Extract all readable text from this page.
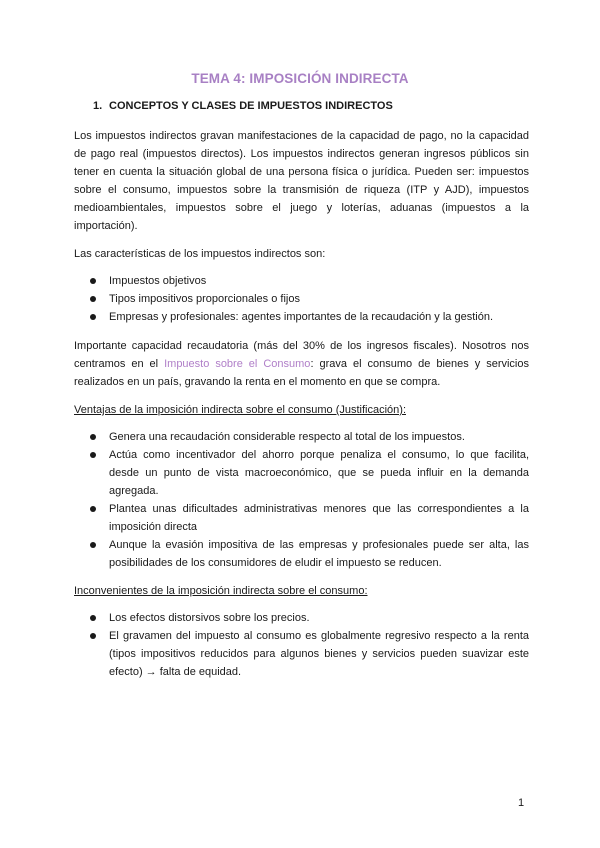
TEMA 4: IMPOSICIÓN INDIRECTA
1. CONCEPTOS Y CLASES DE IMPUESTOS INDIRECTOS

Los impuestos indirectos gravan manifestaciones de la capacidad de pago, no la capacidad de pago real (impuestos directos). Los impuestos indirectos generan ingresos públicos sin tener en cuenta la situación global de una persona física o jurídica. Pueden ser: impuestos sobre el consumo, impuestos sobre la transmisión de riqueza (ITP y AJD), impuestos medioambientales, impuestos sobre el juego y loterías, aduanas (impuestos a la importación).

Las características de los impuestos indirectos son:

Impuestos objetivos
Tipos impositivos proporcionales o fijos
Empresas y profesionales: agentes importantes de la recaudación y la gestión.

Importante capacidad recaudatoria (más del 30% de los ingresos fiscales). Nosotros nos centramos en el Impuesto sobre el Consumo: grava el consumo de bienes y servicios realizados en un país, gravando la renta en el momento en que se compra.

Ventajas de la imposición indirecta sobre el consumo (Justificación):

Genera una recaudación considerable respecto al total de los impuestos.
Actúa como incentivador del ahorro porque penaliza el consumo, lo que facilita, desde un punto de vista macroeconómico, que se pueda influir en la demanda agregada.
Plantea unas dificultades administrativas menores que las correspondientes a la imposición directa
Aunque la evasión impositiva de las empresas y profesionales puede ser alta, las posibilidades de los consumidores de eludir el impuesto se reducen.

Inconvenientes de la imposición indirecta sobre el consumo:

Los efectos distorsivos sobre los precios.
El gravamen del impuesto al consumo es globalmente regresivo respecto a la renta (tipos impositivos reducidos para algunos bienes y servicios pueden suavizar este efecto) → falta de equidad.
1
